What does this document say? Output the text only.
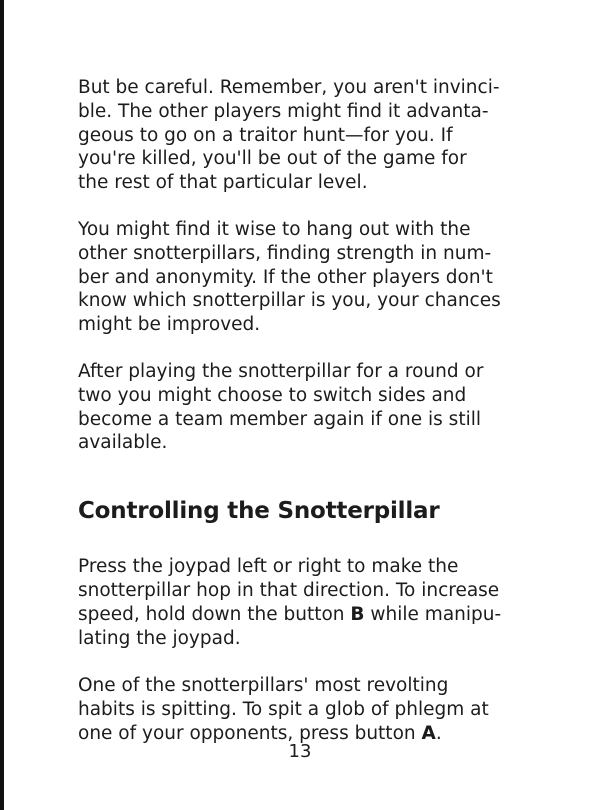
But be careful. Remember, you aren't invinci-
ble. The other players might find it advanta-
geous to go on a traitor hunt—for you. If
you're killed, you'll be out of the game for
the rest of that particular level.

You might find it wise to hang out with the
other snotterpillars, finding strength in num-
ber and anonymity. If the other players don't
know which snotterpillar is you, your chances
might be improved.

After playing the snotterpillar for a round or
two you might choose to switch sides and
become a team member again if one is still
available.

Controlling the Snotterpillar

Press the joypad left or right to make the
snotterpillar hop in that direction. To increase
speed, hold down the button B while manipu-
lating the joypad.

One of the snotterpillars' most revolting
habits is spitting. To spit a glob of phlegm at
one of your opponents, press button A.

13
